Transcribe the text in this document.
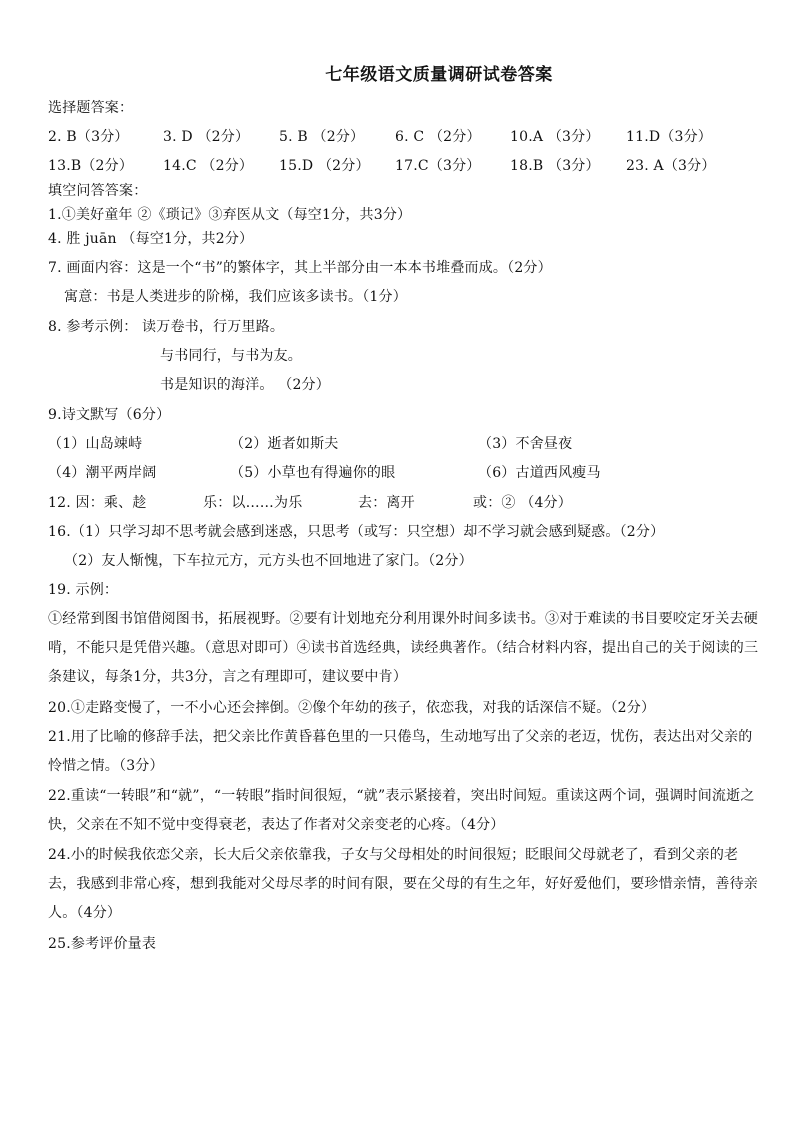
七年级语文质量调研试卷答案
选择题答案：
2. B（3分） 3. D （2分） 5. B （2分） 6. C （2分） 10.A （3分） 11.D（3分）
13.B（2分） 14.C （2分） 15.D （2分） 17.C（3分） 18.B （3分） 23. A（3分）
填空问答答案：
1.①美好童年 ②《琐记》③弃医从文（每空1分，共3分）
4. 胜 juān （每空1分，共2分）
7. 画面内容：这是一个“书”的繁体字，其上半部分由一本本书堆叠而成。（2分）
寓意：书是人类进步的阶梯，我们应该多读书。（1分）
8. 参考示例： 读万卷书，行万里路。
与书同行，与书为友。
书是知识的海洋。 （2分）
9.诗文默写（6分）
（1）山岛竦峙	（2）逝者如斯夫	（3）不舍昼夜
（4）潮平两岸阔	（5）小草也有得遍你的眼	（6）古道西风瘦马
12. 因：乘、趁	乐：以……为乐	去：离开	或：② （4分）
16.（1）只学习却不思考就会感到迷惑，只思考（或写：只空想）却不学习就会感到疑惑。（2分）
（2）友人惭愧，下车拉元方，元方头也不回地进了家门。（2分）
19. 示例：
①经常到图书馆借阅图书，拓展视野。②要有计划地充分利用课外时间多读书。③对于难读的书目要咬定牙关去硬啃，不能只是凭借兴趣。（意思对即可）④读书首选经典，读经典著作。（结合材料内容，提出自己的关于阅读的三条建议，每条1分，共3分，言之有理即可，建议要中肯）
20.①走路变慢了，一不小心还会摔倒。②像个年幼的孩子，依恋我，对我的话深信不疑。（2分）
21.用了比喻的修辞手法，把父亲比作黄昏暮色里的一只倦鸟，生动地写出了父亲的老迈，忧伤，表达出对父亲的怜惜之情。（3分）
22.重读“一转眼”和“就”，“一转眼”指时间很短，“就”表示紧接着，突出时间短。重读这两个词，强调时间流逝之快，父亲在不知不觉中变得衰老，表达了作者对父亲变老的心疼。（4分）
24.小的时候我依恋父亲，长大后父亲依靠我，子女与父母相处的时间很短；眨眼间父母就老了，看到父亲的老去，我感到非常心疼，想到我能对父母尽孝的时间有限，要在父母的有生之年，好好爱他们，要珍惜亲情，善待亲人。（4分）
25.参考评价量表
